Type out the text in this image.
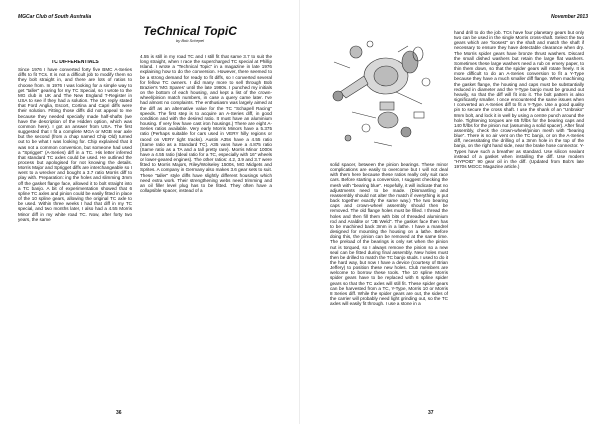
MGCar Club of South Australia
TeChnical TopiC
by Bob Schepel
TC DIFFERENTIALS
Since 1976 I have converted forty five BMC A-Series diffs to fit TCs. It is not a difficult job to modify them so they bolt straight in, and there are lots of ratios to choose from. In 1976 I was looking for a simple way to get "taller" gearing for my TC Special, so I wrote to the MG club in UK and The New England T-Register in USA to see if they had a solution. The UK reply stated that Ford Anglia, Escort, Cortina and Capri diffs were their solution. Fitting those diffs did not appeal to me because they needed specially made half-shafts (we have the description of the Hidden option, which was common here). I got an answer from USA. The first suggested that I fit a complete MGA or MGB rear axle but the second (from a chap named Chip Old) turned out to be what I was looking for. Chip explained that it was not a common conversion, but someone had used a "Sprigget" (A-Series) diff in a TC. His letter inferred that standard TC axles could be used. He outlined the process but apologised for not knowing the details. Morris Major and Sprigget diffs are interchangeable so I went to a wrecker and bought a 3.7 ratio Morris diff to play with. Preparation: ing the holes and slimming 3mm off the gasket flange face, allowed it to bolt straight into a TC banjo. A bit of experimentation showed that 6 spline TC axles and pinion could be easily fitted in place of the 10 spline gears, allowing the original TC axle to be used. Within three weeks I had that diff in my TC special, and two months later, I also had a 4.55 Morris Minor diff in my white road TC. Now, after forty two years, the same
4.55 is still in my road TC and I still fit that same 3.7 to suit the long straight, when I race the supercharged TC special at Phillip Island. I wrote a "Technical Topic" in a magazine in late 1976 explaining how to do the conversion. However, there seemed to be a strong demand for ready to fit diffs, so I converted several for fellow TC owners. I did many more to sell through Bob Brazier's 'MG Spares' until the late 1980s. I punched my initials on the bottom of each housing, and kept a list of the crown-wheel/pinion match numbers, in case a query came later. I've had almost no complaints. The enthusiasm was largely aimed at the diff as an alternative value for the TC "Schapell Racing" speeds. The first step is to acquire an A-Series diff, in good condition and with the desired ratio. It must have an aluminium housing. If very few have cast iron housings.) There are eight A-Series ratios available. Very early Morris Minors have a 5.375 ratio (Perhaps suitable for cars used in VERY hilly regions or raced on VERY tight tracks). Austin A35s have a 4.55 ratio (Same ratio as a Standard TC). A35 vans have a 4.875 ratio (Same ratio as a TA and a tall pretty rare). Morris Minor 1000s have a 4.55 ratio (Ideal ratio for a TC, especially with 16" wheels or lower-geared engines). The other ratios: 4.2, 3.9 and 3.7 were fitted to Morris Majors, Riley/Wolseley 1500s, MG Midgets and Sprites. A company in Germany also makes 3.6 gear sets to suit. These "taller" style diffs have slightly different housings which need extra work. Their strengthening webs need trimming and an oil filler level plug has to be fitted. They often have a collapsible spacer, instead of a
36
November 2013
solid spacer, between the pinion bearings. These minor complications are easily to overcome but I will not deal with them here because these ratios really only suit race cars. Before starting a conversion, I suggest checking the mesh with "bearing blue". Hopefully, it will indicate that no adjustments need to be made. (Dismantling and reassembly should not alter the match if everything is put back together exactly the same way.) The two bearing caps and crown-wheel assembly should then be removed. The old flange holes must be filled. I thread the holes and then fill them with bits of threaded aluminium rod and Araldite or "JB Weld". The gasket face then has to be machined back 3mm in a lathe. I have a mandrel designed for mounting the housing on a lathe. Before doing this, the pinion can be removed at the same time. The preload of the bearings is only set when the pinion nut is torqued, so I always remove the pinion so a new seal can be fitted during final assembly. New holes must then be drilled to match the TC banjo studs. I used to do it the hard way, but now I have a device (courtesy of Brian Jeffery) to position these new holes. Club members are welcome to borrow these tools. The 10 spline Morris spider gears have to be replaced with 6 spline spider gears so that the TC axles will still fit. These spider gears can be harvested from a TC, Y-Type, Morris 10 or Morris 8 Series diff. While the spider gears are out, the sides of the carrier will probably need light grinding out, so the TC axles will easily fit through. I use a stone in a
hand drill to do the job. TCs have four planetary gears but only two can be used in the single Morris cross-shaft. Select the two gears which are "loosest" on the shaft and match the shaft if necessary to ensure they have detectable clearance when dry. The Morris spider gears have bronze thrust washers. Discard the small dished washers but retain the large flat washers. Sometimes these large washers need a rub on emery paper, to thin them down, so that the spider gears will rotate freely. It is more difficult to do an A-Series conversion to fit a Y-Type because they have a much smaller diff flange. When machining the gasket flange, the housing and caps must be substantially reduced in diameter and the Y-Type banjo must be ground out heavily, so that the diff will fit into it. The bolt pattern is also significantly smaller. I once encountered the same issues when I converted an A-Series diff to fit a Y-Type. Use a good quality pin to secure the cross shaft. I use the shank of an "Unbrako" 8mm bolt, and lock it in well by using a centre punch around the hole. Tightening torques are 65 ft/lbs for the bearing caps and 140 ft/lbs for the pinion nut (assuming a solid spacer). After final assembly, check the crown-wheel/pinion mesh with "bearing blue". There is no air vent on the TC banjo, or on the A-Series diff, necessitating the drilling of a 3mm hole in the top of the banjo, on the right hand side, near the brake hose connector. Y-Types have such a breather as standard. Use silicon sealant instead of a gasket when installing the diff. Use modern "HYPOID" 90 gear oil in the diff. (Updated from Bob's late 1970s MGCC Magazine article.)
37
